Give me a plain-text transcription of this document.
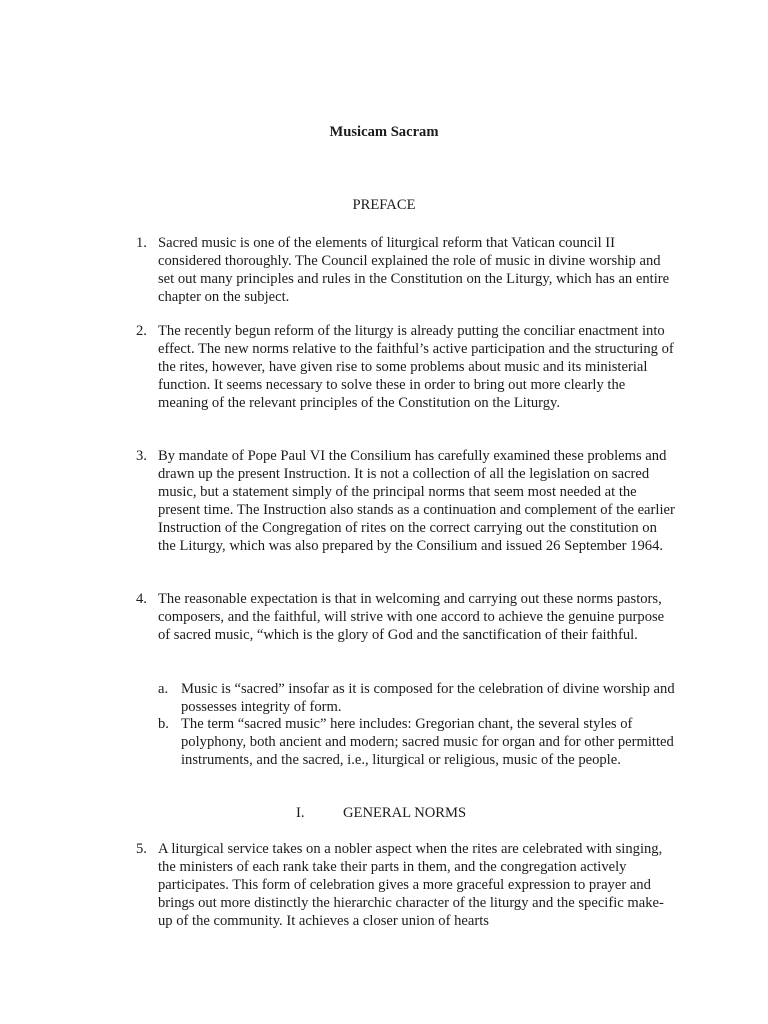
Musicam Sacram
PREFACE
1. Sacred music is one of the elements of liturgical reform that Vatican council II considered thoroughly. The Council explained the role of music in divine worship and set out many principles and rules in the Constitution on the Liturgy, which has an entire chapter on the subject.
2. The recently begun reform of the liturgy is already putting the conciliar enactment into effect. The new norms relative to the faithful’s active participation and the structuring of the rites, however, have given rise to some problems about music and its ministerial function. It seems necessary to solve these in order to bring out more clearly the meaning of the relevant principles of the Constitution on the Liturgy.
3. By mandate of Pope Paul VI the Consilium has carefully examined these problems and drawn up the present Instruction. It is not a collection of all the legislation on sacred music, but a statement simply of the principal norms that seem most needed at the present time. The Instruction also stands as a continuation and complement of the earlier Instruction of the Congregation of rites on the correct carrying out the constitution on the Liturgy, which was also prepared by the Consilium and issued 26 September 1964.
4. The reasonable expectation is that in welcoming and carrying out these norms pastors, composers, and the faithful, will strive with one accord to achieve the genuine purpose of sacred music, “which is the glory of God and the sanctification of their faithful.
a. Music is “sacred” insofar as it is composed for the celebration of divine worship and possesses integrity of form.
b. The term “sacred music” here includes: Gregorian chant, the several styles of polyphony, both ancient and modern; sacred music for organ and for other permitted instruments, and the sacred, i.e., liturgical or religious, music of the people.
I.	GENERAL NORMS
5. A liturgical service takes on a nobler aspect when the rites are celebrated with singing, the ministers of each rank take their parts in them, and the congregation actively participates. This form of celebration gives a more graceful expression to prayer and brings out more distinctly the hierarchic character of the liturgy and the specific make-up of the community. It achieves a closer union of hearts
